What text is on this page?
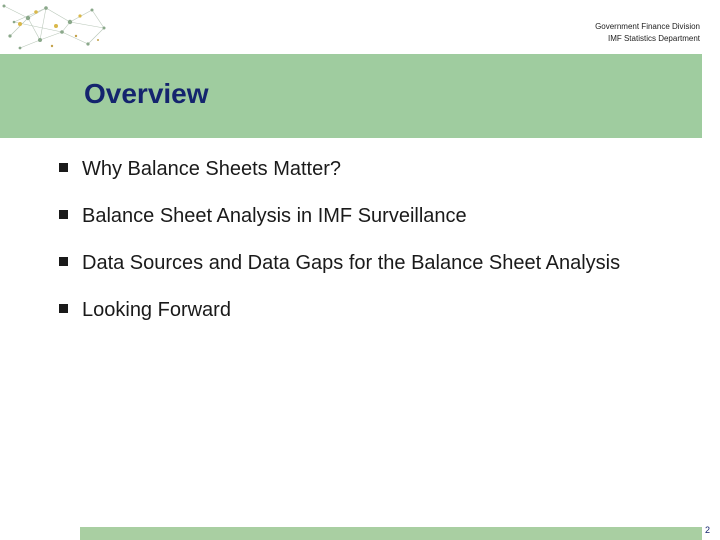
Government Finance Division
IMF Statistics Department
Overview
Why Balance Sheets Matter?
Balance Sheet Analysis in IMF Surveillance
Data Sources and Data Gaps for the Balance Sheet Analysis
Looking Forward
2
